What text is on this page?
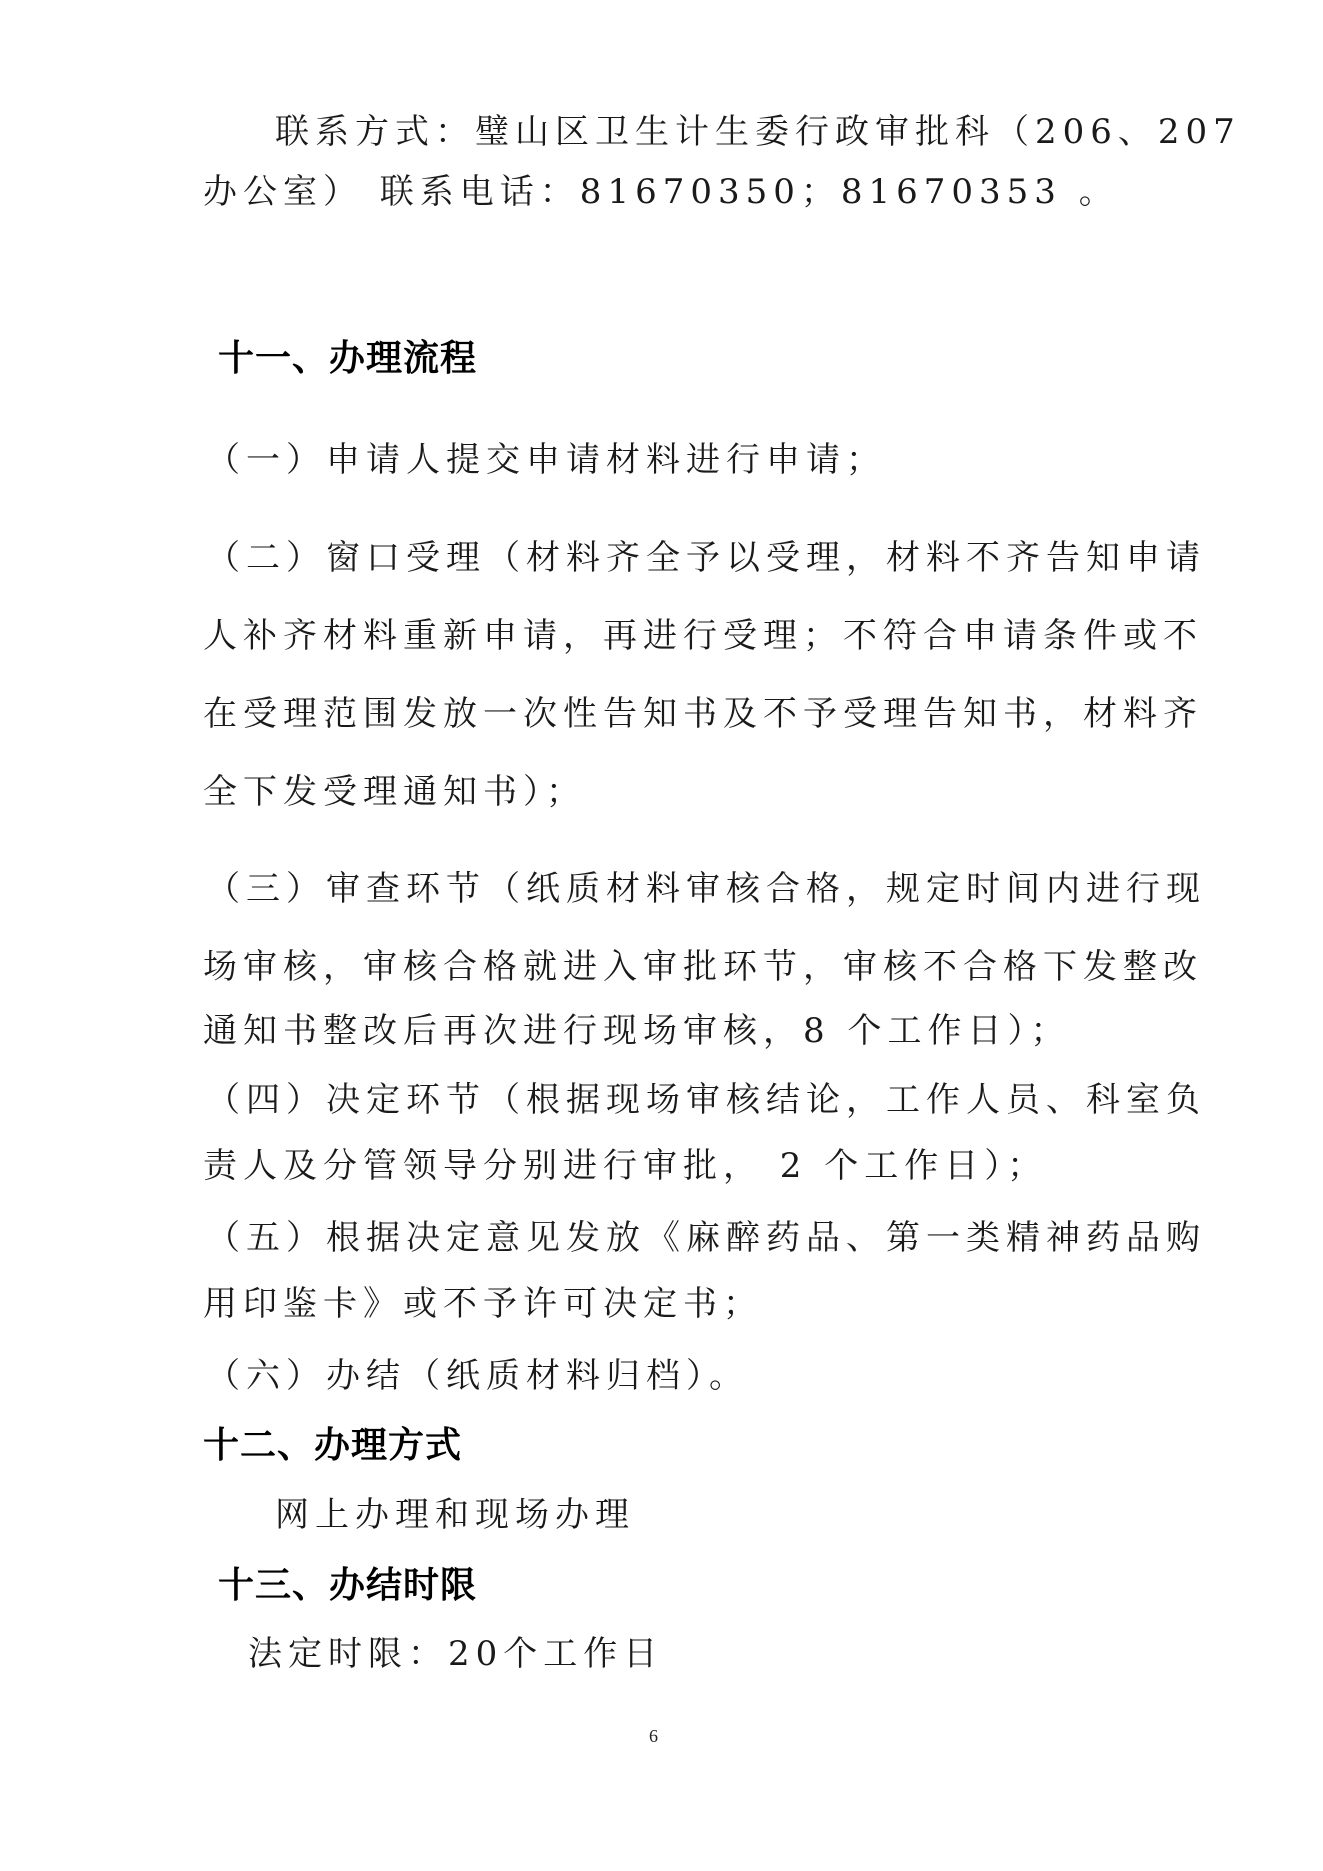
联系方式：璧山区卫生计生委行政审批科（206、207
办公室） 联系电话：81670350；81670353 。
十一、办理流程
（一）申请人提交申请材料进行申请；
（二）窗口受理（材料齐全予以受理，材料不齐告知申请
人补齐材料重新申请，再进行受理；不符合申请条件或不
在受理范围发放一次性告知书及不予受理告知书，材料齐
全下发受理通知书）；
（三）审查环节（纸质材料审核合格，规定时间内进行现
场审核，审核合格就进入审批环节，审核不合格下发整改
通知书整改后再次进行现场审核，8 个工作日）；
（四）决定环节（根据现场审核结论，工作人员、科室负
责人及分管领导分别进行审批， 2 个工作日）；
（五）根据决定意见发放《麻醉药品、第一类精神药品购
用印鉴卡》或不予许可决定书；
（六）办结（纸质材料归档）。
十二、办理方式
网上办理和现场办理
十三、办结时限
法定时限：20个工作日
6
